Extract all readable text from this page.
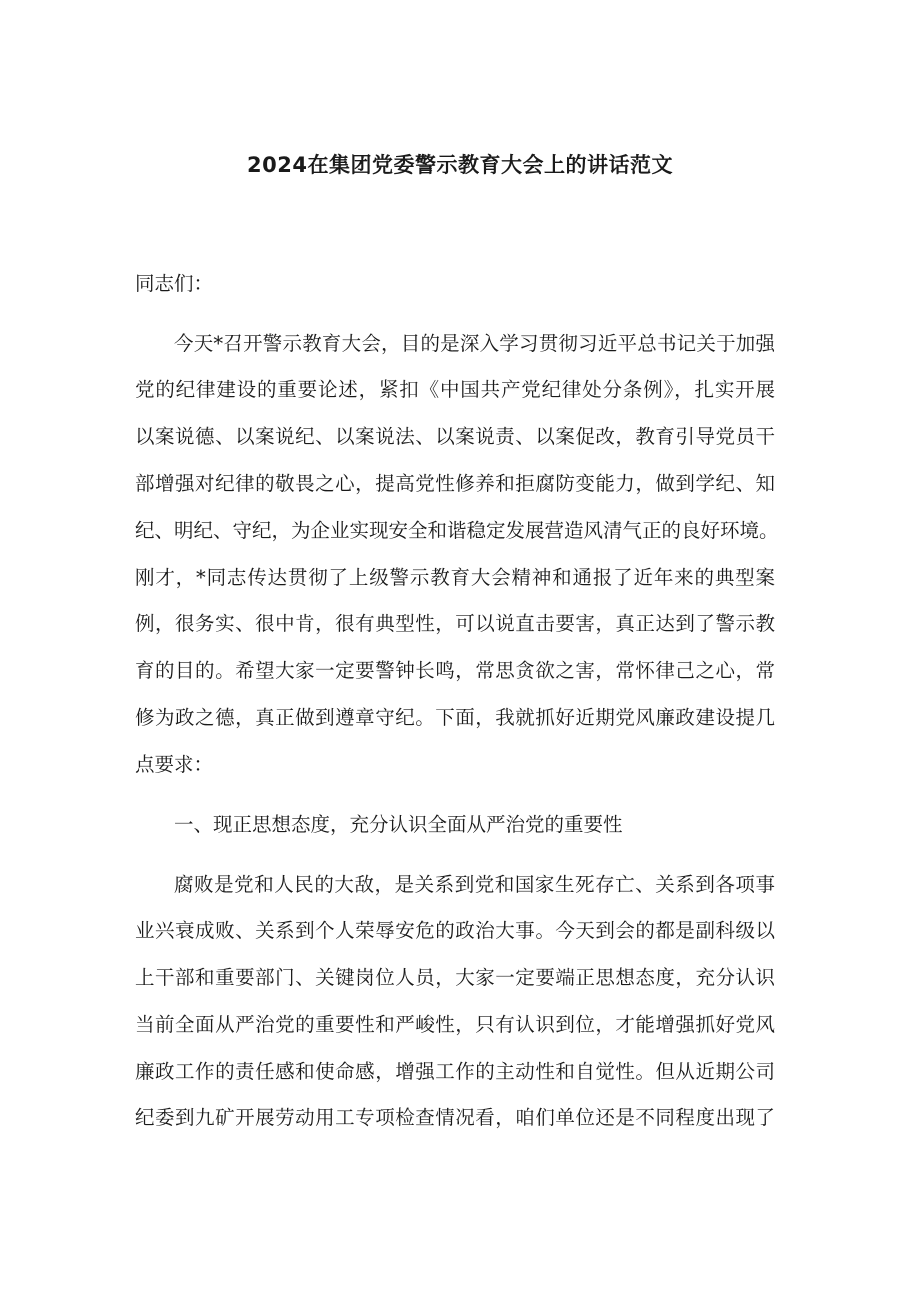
2024在集团党委警示教育大会上的讲话范文

同志们：

今天*召开警示教育大会，目的是深入学习贯彻习近平总书记关于加强

党的纪律建设的重要论述，紧扣《中国共产党纪律处分条例》，扎实开展

以案说德、以案说纪、以案说法、以案说责、以案促改，教育引导党员干

部增强对纪律的敬畏之心，提高党性修养和拒腐防变能力，做到学纪、知

纪、明纪、守纪，为企业实现安全和谐稳定发展营造风清气正的良好环境。

刚才，*同志传达贯彻了上级警示教育大会精神和通报了近年来的典型案

例，很务实、很中肯，很有典型性，可以说直击要害，真正达到了警示教

育的目的。希望大家一定要警钟长鸣，常思贪欲之害，常怀律己之心，常

修为政之德，真正做到遵章守纪。下面，我就抓好近期党风廉政建设提几

点要求：

一、现正思想态度，充分认识全面从严治党的重要性

腐败是党和人民的大敌，是关系到党和国家生死存亡、关系到各项事

业兴衰成败、关系到个人荣辱安危的政治大事。今天到会的都是副科级以

上干部和重要部门、关键岗位人员，大家一定要端正思想态度，充分认识

当前全面从严治党的重要性和严峻性，只有认识到位，才能增强抓好党风

廉政工作的责任感和使命感，增强工作的主动性和自觉性。但从近期公司

纪委到九矿开展劳动用工专项检查情况看，咱们单位还是不同程度出现了
